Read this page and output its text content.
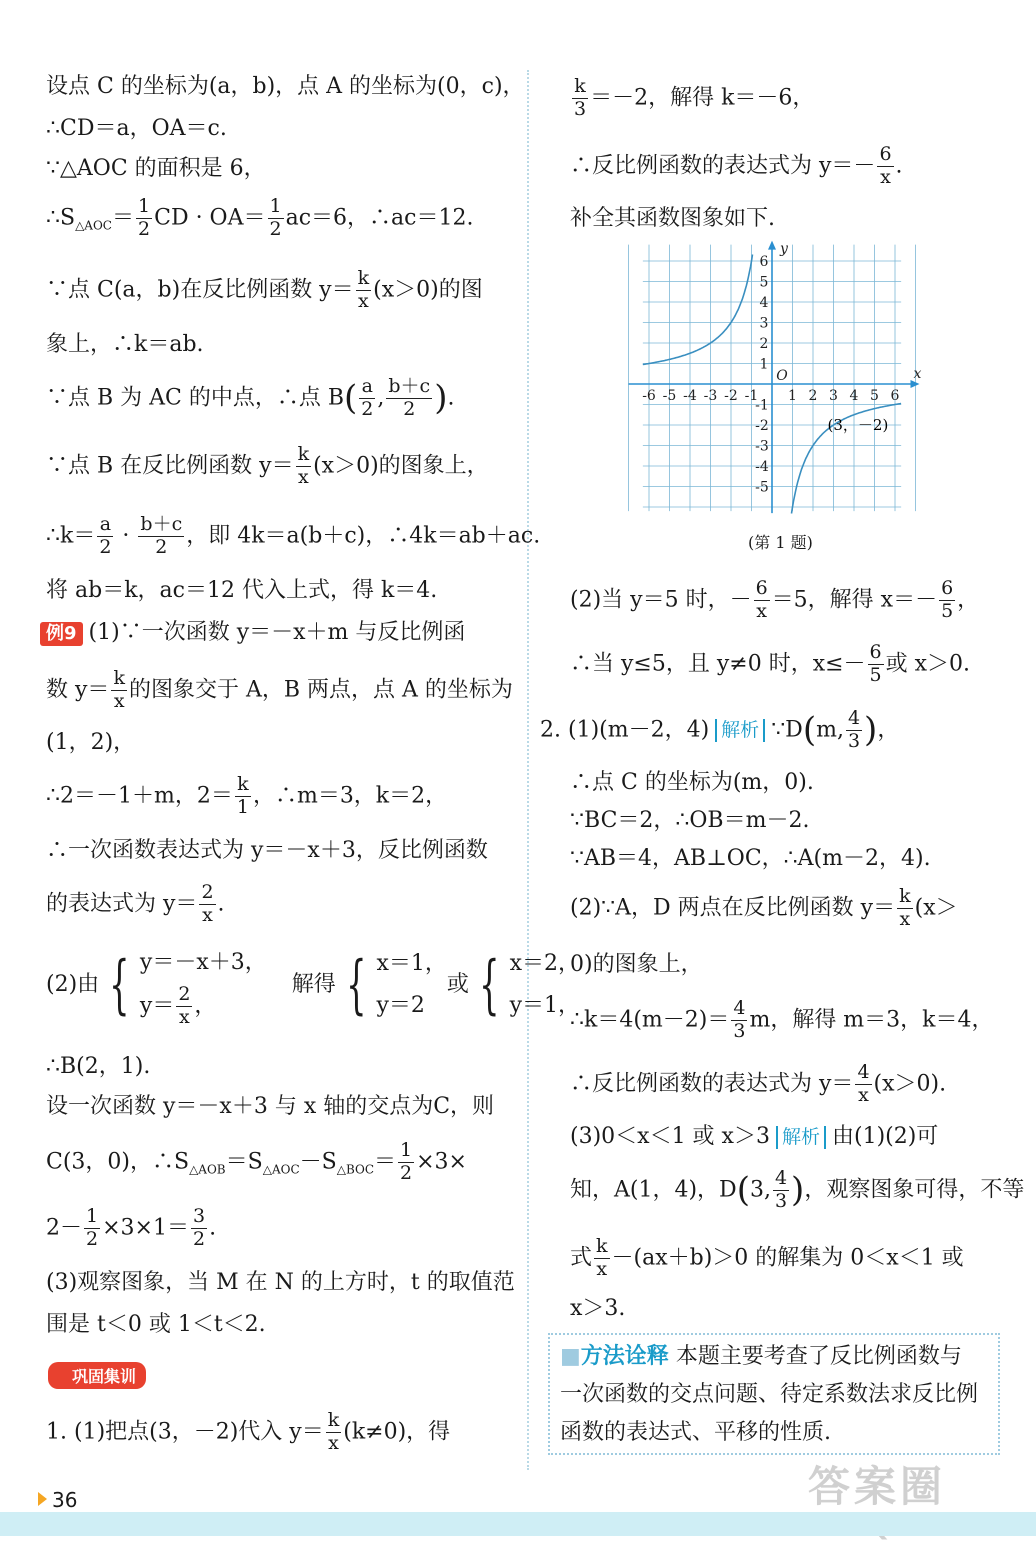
设点 C 的坐标为(a，b)，点 A 的坐标为(0，c)，
∴CD＝a，OA＝c.
∵△AOC 的面积是 6，
$\therefore S_{\triangle AOC}= \frac{1}{2}$ CD · $OA= \frac{1}{2} ac=6$，∴ac＝12.
∵点 C(a，b)在反比例函数 $y= \frac{k}{x} (x>0)$的图
象上，∴k＝ab.
∵点 B 为 AC 的中点，∴点 $B( \frac{a}{2}$ , $\frac{b+c}{2}$ ).
∵点 B 在反比例函数 $y= \frac{k}{x} (x>0)$的图象上，
∴k＝ $\frac{a}{2} \cdot \frac{b+c}{2}$ ，即 4k＝a(b＋c)，∴4k＝ab＋ac.
将 ab＝k，ac＝12 代入上式，得 k＝4.
例9 (1)∵一次函数 y＝－x＋m 与反比例函
数 $y= \frac{k}{x}$ 的图象交于 A，B 两点，点 A 的坐标为
(1，2)，
∴2＝－1＋m，$2= \frac{k}{1}$ ，∴m＝3，k＝2，
∴一次函数表达式为 y＝－x＋3，反比例函数
的表达式为 $y= \frac{2}{x}$ .
(2)由 { y＝－x＋3，
$y= \frac{2}{x}$ ， 解得 { x＝1，
y＝2或 { x＝2，
y＝1，
∴B(2，1).
设一次函数 y＝－x＋3 与 x 轴的交点为C，则
C(3，0)，$\therefore S_{\triangle AOB}=S_{\triangle AOC}-S_{\triangle BOC}= \frac{1}{2} \times 3\times$
$2- \frac{1}{2} \times 3\times 1= \frac{3}{2}$ .
(3)观察图象，当 M 在 N 的上方时，t 的取值范
围是 t＜0 或 1＜t＜2.
巩固集训
1. (1)把点(3，－2)代入 $y= \frac{k}{x} (k\ne 0)$，得
$\frac{k}{3} =-2$，解得 k＝－6，
∴反比例函数的表达式为 $y=- \frac{6}{x}$ .
补全其函数图象如下.
-6 -5 -4 -3 -2 -1 1 2 3 4 5 6
6
5
4
3
2
1
-1
-2
-3
-4
-5
O	x
y
(3，－2)
(第 1 题)
(2)当 y＝5 时，－ $\frac{6}{x} =5$，解得 $x=- \frac{6}{5}$ ，
∴当 y≤5，且 y≠0 时，$x\le- \frac{6}{5}$ 或 x＞0.
2. (1)(m－2，4) 解析 ∵D(m, $\frac{4}{3}$ )，
∴点 C 的坐标为(m，0).
∵BC＝2，∴OB＝m－2.
∵AB＝4，AB⊥OC，∴A(m－2，4).
(2)∵A，D 两点在反比例函数 $y= \frac{k}{x} (x>$
0)的图象上，
∴k＝4(m－2)＝ $\frac{4}{3}$ m，解得 m＝3，k＝4，
∴反比例函数的表达式为 $y= \frac{4}{x} (x>0)$.
(3)0＜x＜1 或 x＞3 解析 由(1)(2)可
知，A(1，4)，D(3, $\frac{4}{3}$ )，观察图象可得，不等
式 $\frac{k}{x} -(ax+b)>0$ 的解集为 0＜x＜1 或
x＞3.
■方法诠释 本题主要考查了反比例函数与
一次函数的交点问题、待定系数法求反比例
函数的表达式、平移的性质.
36	答案圈
